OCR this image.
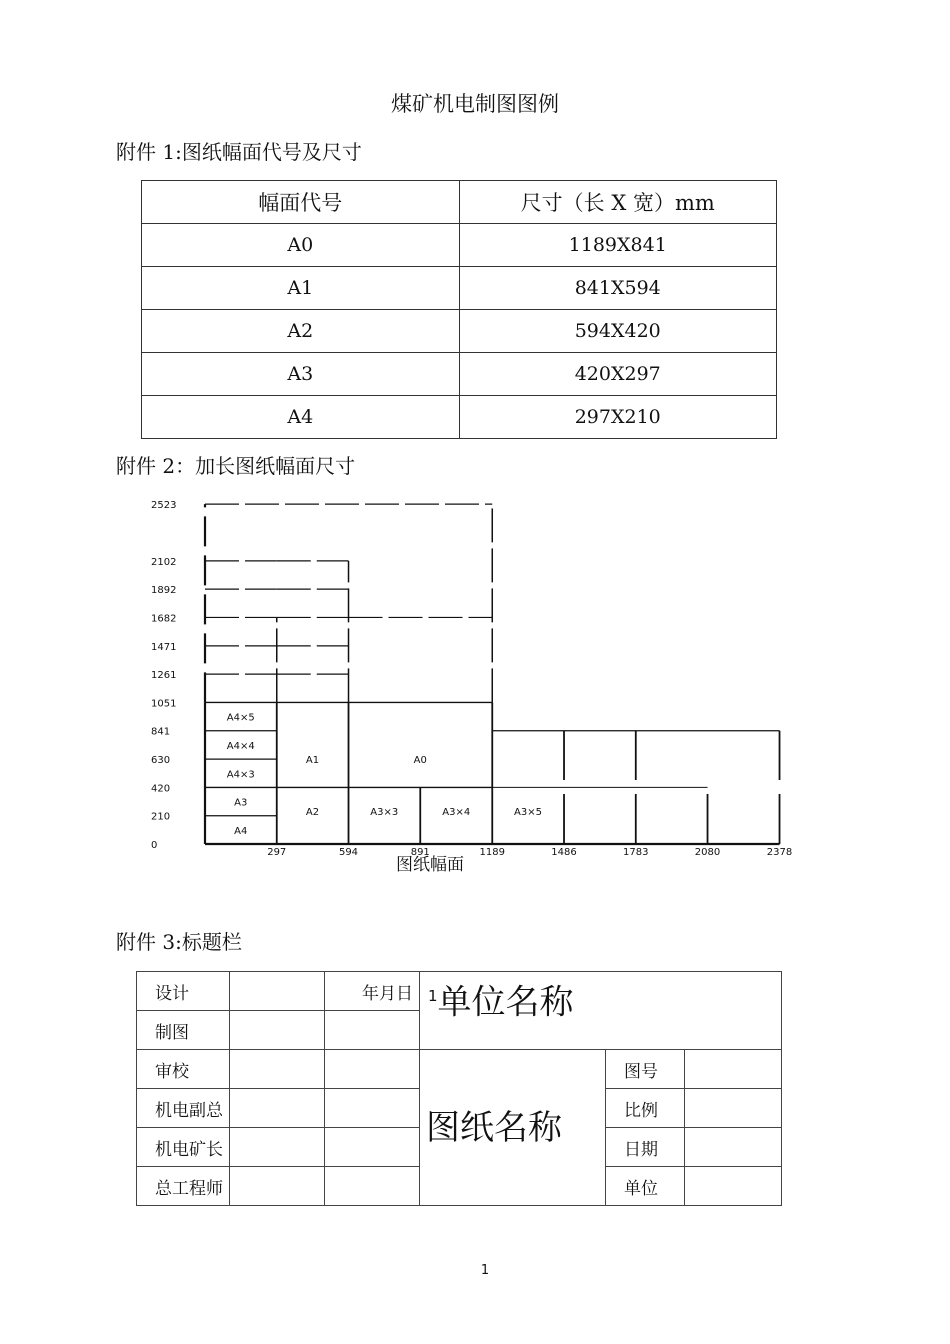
煤矿机电制图图例
附件 1:图纸幅面代号及尺寸
幅面代号	尺寸（长 X 宽）mm
A0	1189X841
A1	841X594
A2	594X420
A3	420X297
A4	297X210
附件 2：加长图纸幅面尺寸
0
210
420
630
841
1051
1261
1471
1682
1892
2102
2523
297	594	891	1189	1486	1783	2080	2378
A4
A3
A4×3
A4×4
A4×5
A2
A1
A3×3	A3×4
A0
A3×5
图纸幅面
附件 3:标题栏
设计		年月日	$^1$单位名称		
制图					
审校			图纸名称	图号	
机电副总				比例	
机电矿长				日期	
总工程师				单位	
1
